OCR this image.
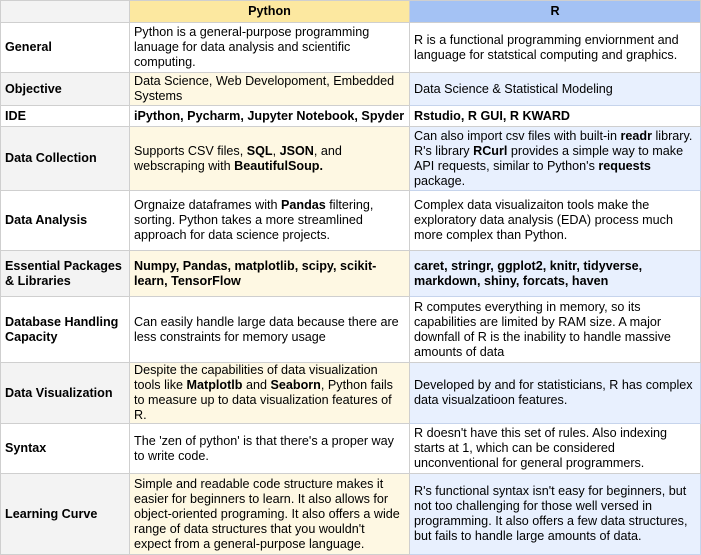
	Python	R
General	Python is a general-purpose programming lanuage for data analysis and scientific computing.	R is a functional programming enviornment and language for statstical computing and graphics.
Objective	Data Science, Web Developoment, Embedded Systems	Data Science & Statistical Modeling
IDE	iPython, Pycharm, Jupyter Notebook, Spyder	Rstudio, R GUI, R KWARD
Data Collection	Supports CSV files, SQL, JSON, and webscraping with BeautifulSoup.	Can also import csv files with built-in readr library. R's library RCurl provides a simple way to make API requests, similar to Python's requests package.
Data Analysis	Orgnaize dataframes with Pandas filtering, sorting. Python takes a more streamlined approach for data science projects.	Complex data visualizaiton tools make the exploratory data analysis (EDA) process much more complex than Python.
Essential Packages & Libraries	Numpy, Pandas, matplotlib, scipy, scikit-learn, TensorFlow	caret, stringr, ggplot2, knitr, tidyverse, markdown, shiny, forcats, haven
Database Handling Capacity	Can easily handle large data because there are less constraints for memory usage	R computes everything in memory, so its capabilities are limited by RAM size. A major downfall of R is the inability to handle massive amounts of data
Data Visualization	Despite the capabilities of data visualization tools like Matplotlb and Seaborn, Python fails to measure up to data visualization features of R.	Developed by and for statisticians, R has complex data visualzatioon features.
Syntax	The 'zen of python' is that there's a proper way to write code.	R doesn't have this set of rules. Also indexing starts at 1, which can be considered unconventional for general programmers.
Learning Curve	Simple and readable code structure makes it easier for beginners to learn. It also allows for object-oriented programing. It also offers a wide range of data structures that you wouldn't expect from a general-purpose language.	R's functional syntax isn't easy for beginners, but not too challenging for those well versed in programming. It also offers a few data structures, but fails to handle large amounts of data.
